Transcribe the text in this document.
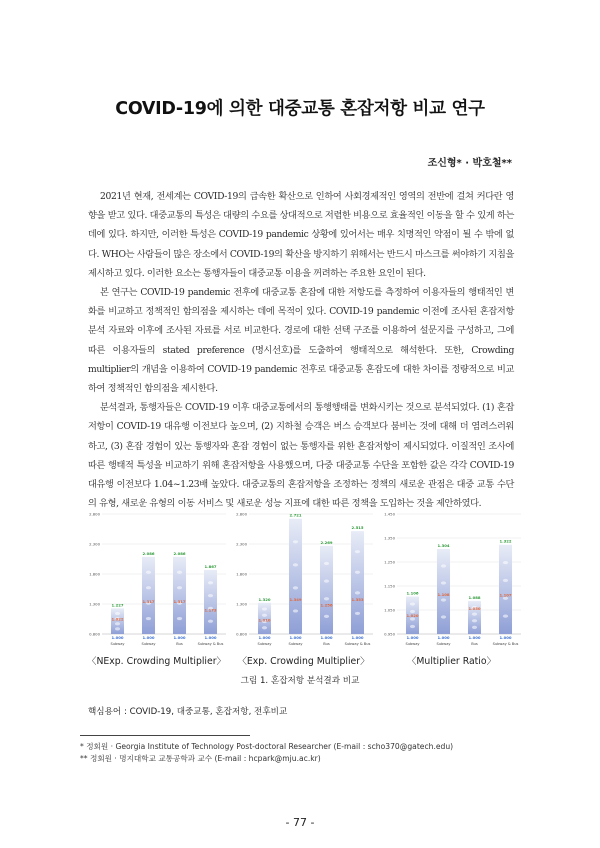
COVID-19에 의한 대중교통 혼잡저항 비교 연구
조신형* · 박호철**

2021년 현재, 전세계는 COVID-19의 급속한 확산으로 인하여 사회경제적인 영역의 전반에 걸쳐 커다란 영향을 받고 있다. 대중교통의 특성은 대량의 수요를 상대적으로 저렴한 비용으로 효율적인 이동을 할 수 있게 하는 데에 있다. 하지만, 이러한 특성은 COVID-19 pandemic 상황에 있어서는 매우 치명적인 약점이 될 수 밖에 없다. WHO는 사람들이 많은 장소에서 COVID-19의 확산을 방지하기 위해서는 반드시 마스크를 써야하기 지침을 제시하고 있다. 이러한 요소는 통행자들이 대중교통 이용을 꺼려하는 주요한 요인이 된다.

본 연구는 COVID-19 pandemic 전후에 대중교통 혼잡에 대한 저항도를 측정하여 이용자들의 행태적인 변화를 비교하고 정책적인 함의점을 제시하는 데에 목적이 있다. COVID-19 pandemic 이전에 조사된 혼잡저항 분석 자료와 이후에 조사된 자료를 서로 비교한다. 경로에 대한 선택 구조를 이용하여 설문지를 구성하고, 그에 따른 이용자들의 stated preference (명시선호)를 도출하여 행태적으로 해석한다. 또한, Crowding multiplier의 개념을 이용하여 COVID-19 pandemic 전후로 대중교통 혼잡도에 대한 차이를 정량적으로 비교하여 정책적인 함의점을 제시한다.

분석결과, 통행자들은 COVID-19 이후 대중교통에서의 통행행태를 변화시키는 것으로 분석되었다. (1) 혼잡저항이 COVID-19 대유행 이전보다 높으며, (2) 지하철 승객은 버스 승객보다 붐비는 것에 대해 더 염려스러워하고, (3) 혼잡 경험이 있는 통행자와 혼잡 경험이 없는 통행자를 위한 혼잡저항이 제시되었다. 이질적인 조사에 따른 행태적 특성을 비교하기 위해 혼잡저항을 사용했으며, 다중 대중교통 수단을 포함한 값은 각각 COVID-19 대유행 이전보다 1.04~1.23배 높았다. 대중교통의 혼잡저항을 조정하는 정책의 새로운 관점은 대중 교통 수단의 유형, 새로운 유형의 이동 서비스 및 새로운 성능 지표에 대한 따른 정책을 도입하는 것을 제안하였다.

0.800
1.300
1.800
2.300
2.800
1.227
1.022
1.000
Subway
2.086
1.317
1.000
Subway
2.086
1.317
1.000
Bus
1.867
1.173
1.000
Subway & Bus
〈NExp. Crowding Multiplier〉
0.800
1.300
1.800
2.300
2.800
1.320
1.010
1.000
Subway
2.721
1.349
1.000
Subway
2.269
1.256
1.000
Bus
2.515
1.353
1.000
Subway & Bus
〈Exp. Crowding Multiplier〉
0.950
1.050
1.150
1.250
1.350
1.450
1.106
1.020
1.000
Subway
1.304
1.108
1.000
Subway
1.088
1.050
1.000
Bus
1.322
1.107
1.000
Subway & Bus
〈Multiplier Ratio〉
그림 1. 혼잡저항 분석결과 비교
핵심용어 : COVID-19, 대중교통, 혼잡저항, 전후비교
* 정회원 · Georgia Institute of Technology Post-doctoral Researcher (E-mail : scho370@gatech.edu)
** 정회원 · 명지대학교 교통공학과 교수 (E-mail : hcpark@mju.ac.kr)
- 77 -
